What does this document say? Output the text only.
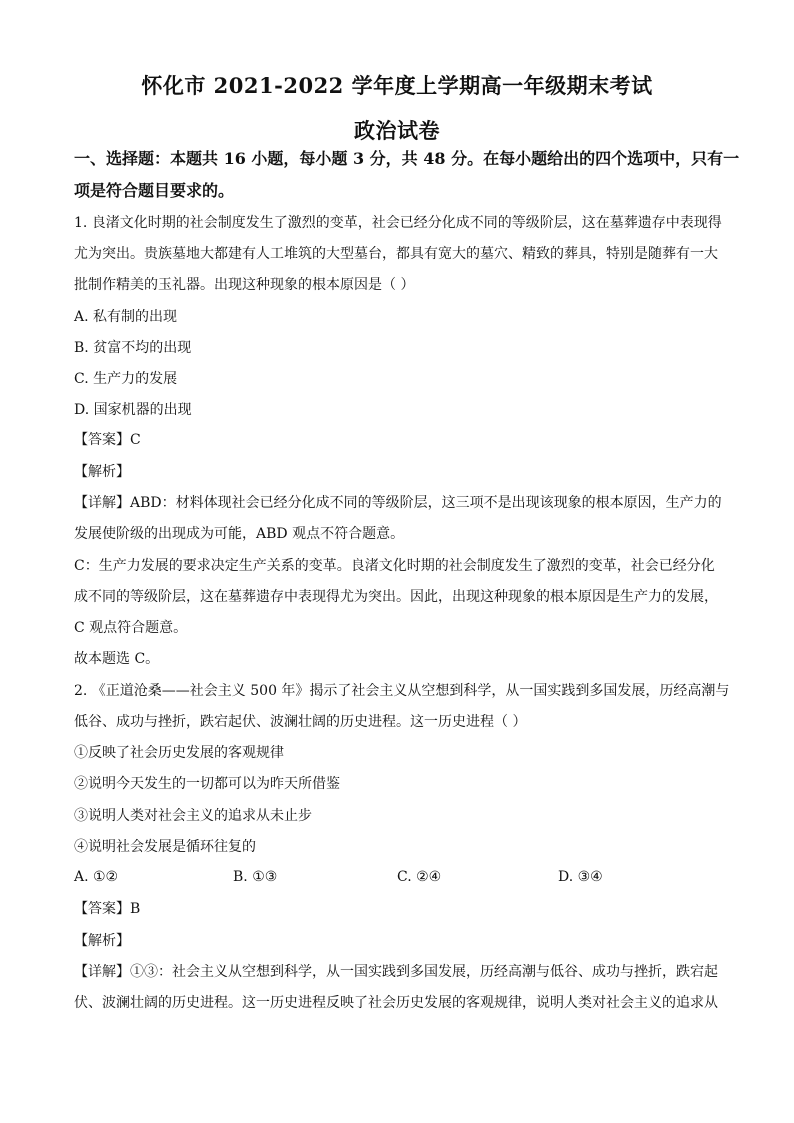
怀化市 2021-2022 学年度上学期高一年级期末考试
政治试卷
一、选择题：本题共 16 小题，每小题 3 分，共 48 分。在每小题给出的四个选项中，只有一
项是符合题目要求的。
1. 良渚文化时期的社会制度发生了激烈的变革，社会已经分化成不同的等级阶层，这在墓葬遗存中表现得
尤为突出。贵族墓地大都建有人工堆筑的大型墓台，都具有宽大的墓穴、精致的葬具，特别是随葬有一大
批制作精美的玉礼器。出现这种现象的根本原因是（ ）
A. 私有制的出现
B. 贫富不均的出现
C. 生产力的发展
D. 国家机器的出现
【答案】C
【解析】
【详解】ABD：材料体现社会已经分化成不同的等级阶层，这三项不是出现该现象的根本原因，生产力的
发展使阶级的出现成为可能，ABD 观点不符合题意。
C：生产力发展的要求决定生产关系的变革。良渚文化时期的社会制度发生了激烈的变革，社会已经分化
成不同的等级阶层，这在墓葬遗存中表现得尤为突出。因此，出现这种现象的根本原因是生产力的发展，
C 观点符合题意。
故本题选 C。
2. 《正道沧桑——社会主义 500 年》揭示了社会主义从空想到科学，从一国实践到多国发展，历经高潮与
低谷、成功与挫折，跌宕起伏、波澜壮阔的历史进程。这一历史进程（ ）
①反映了社会历史发展的客观规律
②说明今天发生的一切都可以为昨天所借鉴
③说明人类对社会主义的追求从未止步
④说明社会发展是循环往复的
A. ①②	B. ①③	C. ②④	D. ③④
【答案】B
【解析】
【详解】①③：社会主义从空想到科学，从一国实践到多国发展，历经高潮与低谷、成功与挫折，跌宕起
伏、波澜壮阔的历史进程。这一历史进程反映了社会历史发展的客观规律，说明人类对社会主义的追求从
